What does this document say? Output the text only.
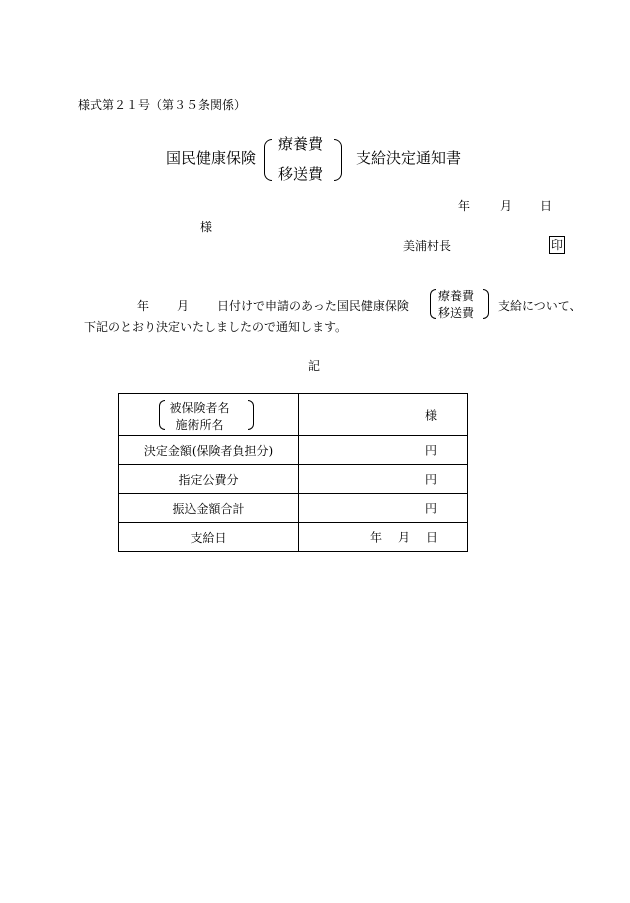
様式第２１号（第３５条関係）
国民健康保険
療養費
移送費
支給決定通知書
年 月 日
様
美浦村長	印
年 月 日付けで申請のあった国民健康保険
療養費
移送費 支給について、
下記のとおり決定いたしましたので通知します。
記
被保険者名
施術所名	様

決定金額(保険者負担分)	円

指定公費分	円

振込金額合計	円

支給日	年 月 日
